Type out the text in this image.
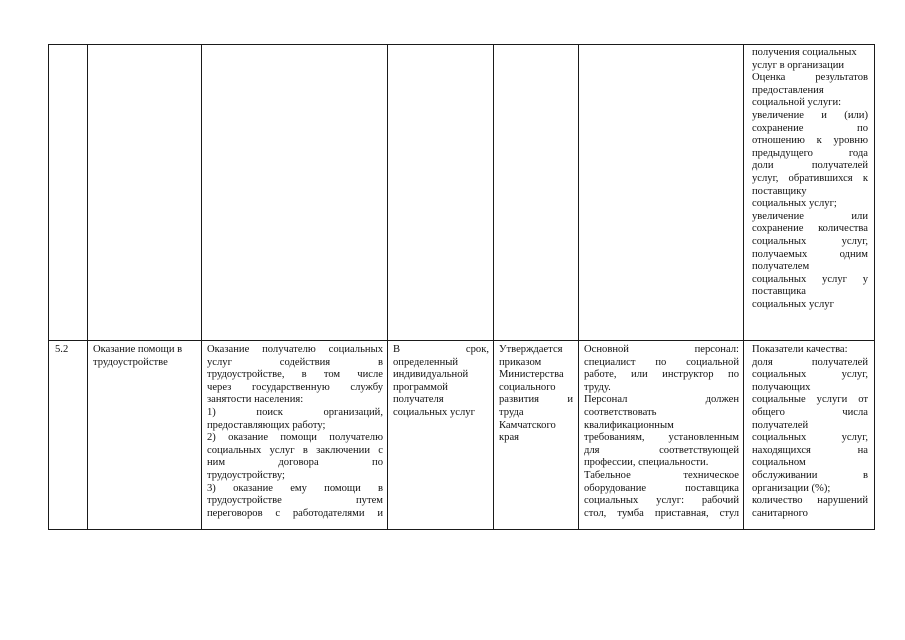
получения социальных
услуг в организации
Оценка результатов
предоставления
социальной услуги:
увеличение и (или)
сохранение по
отношению к уровню
предыдущего года
доли получателей
услуг, обратившихся к
поставщику
социальных услуг;
увеличение или
сохранение количества
социальных услуг,
получаемых одним
получателем
социальных услуг у
поставщика
социальных услуг
5.2	Оказание помощи в
трудоустройстве
Оказание получателю социальных
услуг содействия в
трудоустройстве, в том числе
через государственную службу
занятости населения:
1) поиск организаций,
предоставляющих работу;
2) оказание помощи получателю
социальных услуг в заключении с
ним договора по
трудоустройству;
3) оказание ему помощи в
трудоустройстве путем
переговоров с работодателями и
В срок,
определенный
индивидуальной
программой
получателя
социальных услуг
Утверждается
приказом
Министерства
социального
развития и
труда
Камчатского
края
Основной персонал:
специалист по социальной
работе, или инструктор по
труду.
Персонал должен
соответствовать
квалификационным
требованиям, установленным
для соответствующей
профессии, специальности.
Табельное техническое
оборудование поставщика
социальных услуг: рабочий
стол, тумба приставная, стул
Показатели качества:
доля получателей
социальных услуг,
получающих
социальные услуги от
общего числа
получателей
социальных услуг,
находящихся на
социальном
обслуживании в
организации (%);
количество нарушений
санитарного
